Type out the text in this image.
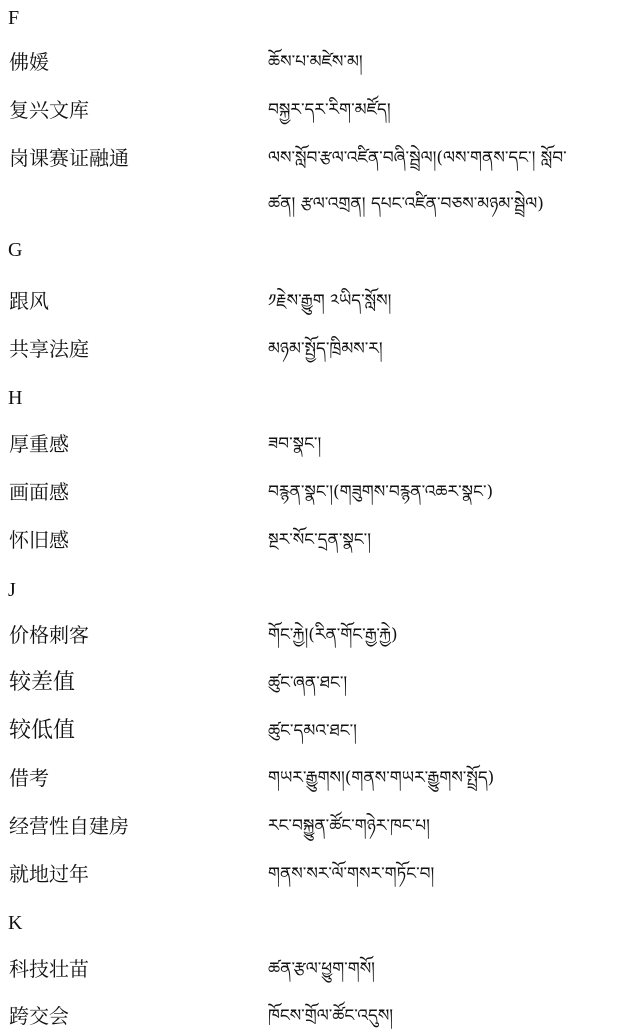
F
佛媛	ཆོས་པ་མཛེས་མ།
复兴文库	བསྐྱར་དར་རིག་མཛོད།
岗课赛证融通	ལས་སློབ་རྩལ་འཛིན་བཞི་སྦྲེལ།(ལས་གནས་དང་། སློབ་
ཚན། རྩལ་འགྲན། དཔང་འཛིན་བཅས་མཉམ་སྦྲེལ)
G
跟风	༡རྗེས་རྒྱུག ༢ཡིད་སློས།
共享法庭	མཉམ་སྤྱོད་ཁྲིམས་ར།
H
厚重感	ཟབ་སྣང་།
画面感	བརྙན་སྣང་།(གཟུགས་བརྙན་འཆར་སྣང་)
怀旧感	སྔར་སོང་དྲན་སྣང་།
J
价格刺客	གོང་རྐྱེ།(རིན་གོང་རྒྱ་རྐྱེ)
较差值	ཚུང་ཞན་ཐང་།
较低值	ཚུང་དམའ་ཐང་།
借考	གཡར་རྒྱུགས།(གནས་གཡར་རྒྱུགས་སྤྲོད)
经营性自建房	རང་བསྐྱུན་ཚོང་གཉེར་ཁང་པ།
就地过年	གནས་སར་ལོ་གསར་གཏོང་བ།
K
科技壮苗	ཚན་རྩལ་ཕྱུག་གསོ།
跨交会	ཁོངས་གྲོལ་ཚོང་འདུས།
